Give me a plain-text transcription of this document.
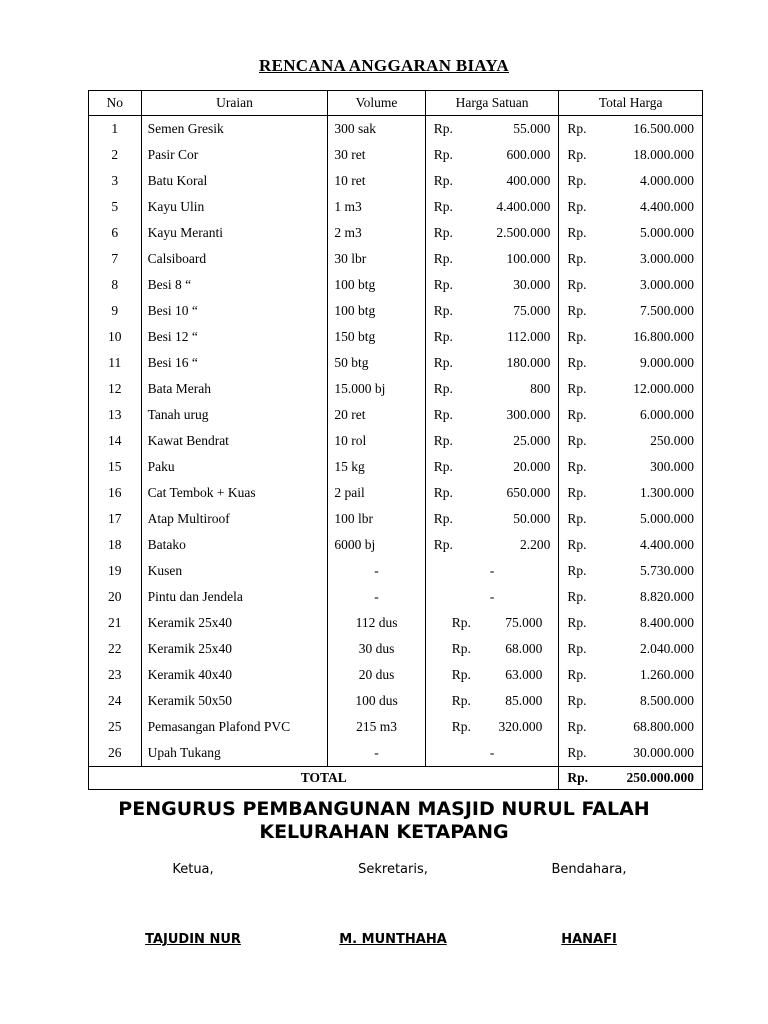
RENCANA ANGGARAN BIAYA
No	Uraian	Volume	Harga Satuan	Total Harga
1	Semen Gresik	300 sak	Rp. 55.000	Rp. 16.500.000

2	Pasir Cor	30 ret	Rp. 600.000	Rp. 18.000.000

3	Batu Koral	10 ret	Rp. 400.000	Rp. 4.000.000

5	Kayu Ulin	1 m3	Rp. 4.400.000	Rp. 4.400.000

6	Kayu Meranti	2 m3	Rp. 2.500.000	Rp. 5.000.000

7	Calsiboard	30 lbr	Rp. 100.000	Rp. 3.000.000

8	Besi 8 “	100 btg	Rp. 30.000	Rp. 3.000.000

9	Besi 10 “	100 btg	Rp. 75.000	Rp. 7.500.000

10	Besi 12 “	150 btg	Rp. 112.000	Rp. 16.800.000

11	Besi 16 “	50 btg	Rp. 180.000	Rp. 9.000.000

12	Bata Merah	15.000 bj	Rp. 800	Rp. 12.000.000

13	Tanah urug	20 ret	Rp. 300.000	Rp. 6.000.000

14	Kawat Bendrat	10 rol	Rp. 25.000	Rp. 250.000

15	Paku	15 kg	Rp. 20.000	Rp. 300.000

16	Cat Tembok + Kuas	2 pail	Rp. 650.000	Rp. 1.300.000

17	Atap Multiroof	100 lbr	Rp. 50.000	Rp. 5.000.000

18	Batako	6000 bj	Rp. 2.200	Rp. 4.400.000

19	Kusen	-	-	Rp. 5.730.000

20	Pintu dan Jendela	-	-	Rp. 8.820.000

21	Keramik 25x40	112 dus	Rp. 75.000	Rp. 8.400.000

22	Keramik 25x40	30 dus	Rp. 68.000	Rp. 2.040.000

23	Keramik 40x40	20 dus	Rp. 63.000	Rp. 1.260.000

24	Keramik 50x50	100 dus	Rp. 85.000	Rp. 8.500.000

25	Pemasangan Plafond PVC	215 m3	Rp. 320.000	Rp. 68.800.000

26	Upah Tukang	-	-	Rp. 30.000.000

TOTAL				Rp. 250.000.000
PENGURUS PEMBANGUNAN MASJID NURUL FALAH
KELURAHAN KETAPANG
Ketua,	Sekretaris,	Bendahara,
TAJUDIN NUR	M. MUNTHAHA	HANAFI
